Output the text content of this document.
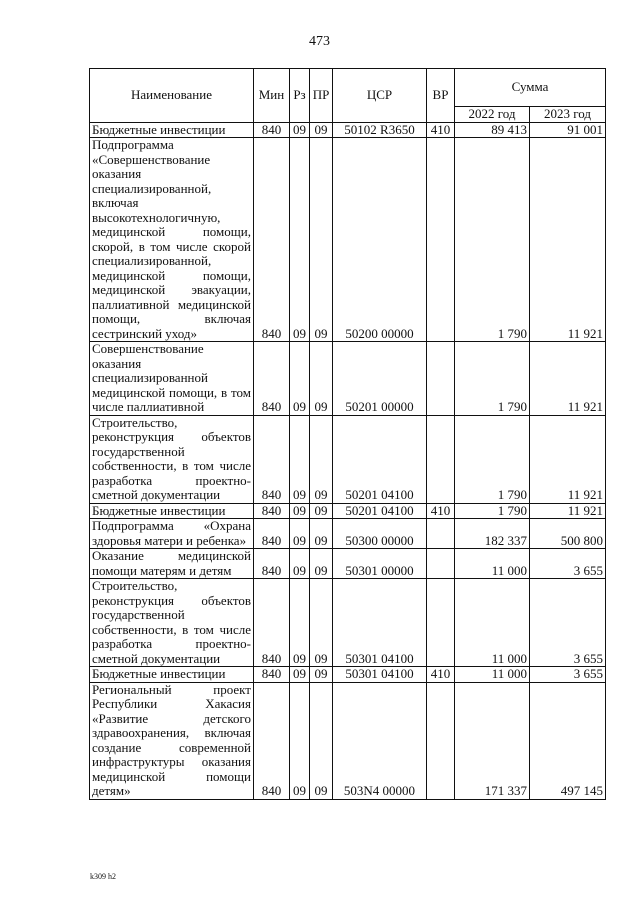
473
Наименование	Мин	Рз	ПР	ЦСР	ВР	Сумма	
						2022 год	2023 год
Бюджетные инвестиции	840	09	09	50102 R3650	410	89 413	91 001
Подпрограмма «Совершенствование оказания специализированной, включая высокотехнологичную, медицинской помощи, скорой, в том числе скорой специализированной, медицинской помощи, медицинской эвакуации, паллиативной медицинской помощи, включая сестринский уход»	840	09	09	50200 00000		1 790	11 921
Совершенствование оказания специализированной медицинской помощи, в том числе паллиативной	840	09	09	50201 00000		1 790	11 921
Строительство, реконструкция объектов государственной собственности, в том числе разработка проектно-сметной документации	840	09	09	50201 04100		1 790	11 921
Бюджетные инвестиции	840	09	09	50201 04100	410	1 790	11 921
Подпрограмма «Охрана здоровья матери и ребенка»	840	09	09	50300 00000		182 337	500 800
Оказание медицинской помощи матерям и детям	840	09	09	50301 00000		11 000	3 655
Строительство, реконструкция объектов государственной собственности, в том числе разработка проектно-сметной документации	840	09	09	50301 04100		11 000	3 655
Бюджетные инвестиции	840	09	09	50301 04100	410	11 000	3 655
Региональный проект Республики Хакасия «Развитие детского здравоохранения, включая создание современной инфраструктуры оказания медицинской помощи детям»	840	09	09	503N4 00000		171 337	497 145
k309 h2
